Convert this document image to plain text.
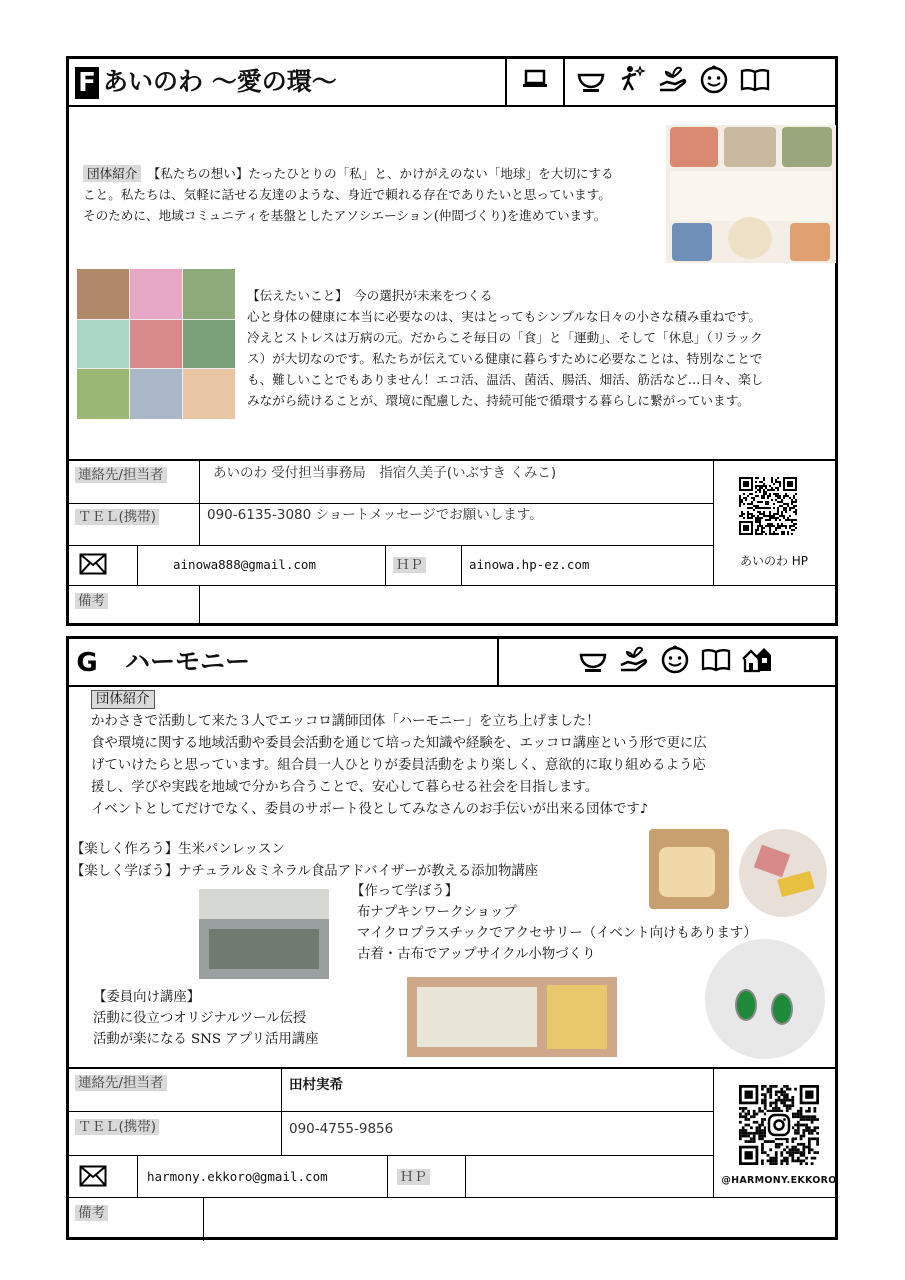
F あいのわ ～愛の環～
団体紹介　【私たちの想い】たったひとりの「私」と、かけがえのない「地球」を大切にする
こと。私たちは、気軽に話せる友達のような、身近で頼れる存在でありたいと思っています。
そのために、地域コミュニティを基盤としたアソシエーション(仲間づくり)を進めています。
【伝えたいこと】　今の選択が未来をつくる
心と身体の健康に本当に必要なのは、実はとってもシンプルな日々の小さな積み重ねです。
冷えとストレスは万病の元。だからこそ毎日の「食」と「運動」、そして「休息」（リラック
ス）が大切なのです。私たちが伝えている健康に暮らすために必要なことは、特別なことで
も、難しいことでもありません！エコ活、温活、菌活、腸活、畑活、筋活など…日々、楽し
みながら続けることが、環境に配慮した、持続可能で循環する暮らしに繋がっています。
連絡先/担当者	あいのわ 受付担当事務局　指宿久美子(いぶすき くみこ)
ＴＥＬ(携帯)	090-6135-3080 ショートメッセージでお願いします。
ainowa888@gmail.com	ＨＰ	ainowa.hp-ez.com
備考
あいのわ HP
G ハーモニー
団体紹介
かわさきで活動して来た３人でエッコロ講師団体「ハーモニー」を立ち上げました！
食や環境に関する地域活動や委員会活動を通じて培った知識や経験を、エッコロ講座という形で更に広
げていけたらと思っています。組合員一人ひとりが委員活動をより楽しく、意欲的に取り組めるよう応
援し、学びや実践を地域で分かち合うことで、安心して暮らせる社会を目指します。
イベントとしてだけでなく、委員のサポート役としてみなさんのお手伝いが出来る団体です♪
【楽しく作ろう】生米パンレッスン
【楽しく学ぼう】ナチュラル＆ミネラル食品アドバイザーが教える添加物講座
【作って学ぼう】
布ナプキンワークショップ
マイクロプラスチックでアクセサリー（イベント向けもあります）
古着・古布でアップサイクル小物づくり
【委員向け講座】
活動に役立つオリジナルツール伝授
活動が楽になる SNS アプリ活用講座
連絡先/担当者	田村実希
ＴＥＬ(携帯)	090-4755-9856
harmony.ekkoro@gmail.com	ＨＰ
備考
@HARMONY.EKKORO
